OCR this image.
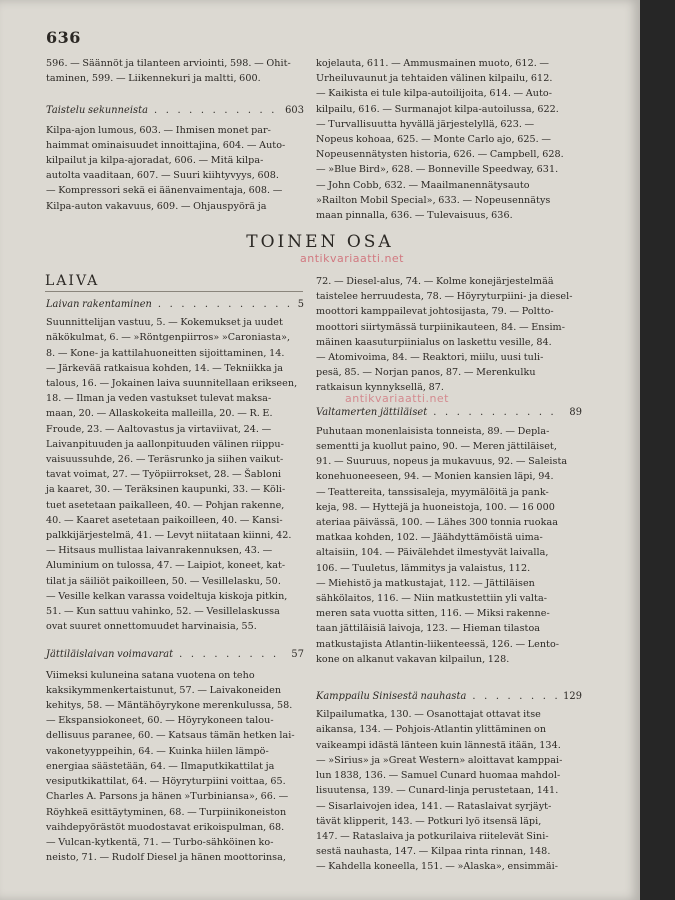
636

596. — Säännöt ja tilanteen arviointi, 598. — Ohit-

taminen, 599. — Liikennekuri ja maltti, 600.

Taistelu sekunneista . . .	603

Kilpa-ajon lumous, 603. — Ihmisen monet par-

haimmat ominaisuudet innoittajina, 604. — Auto-

kilpailut ja kilpa-ajoradat, 606. — Mitä kilpa-

autolta vaaditaan, 607. — Suuri kiihtyvyys, 608.

— Kompressori sekä ei äänenvaimentaja, 608. —

Kilpa-auton vakavuus, 609. — Ohjauspyörä ja

kojelauta, 611. — Ammusmainen muoto, 612. —

Urheiluvaunut ja tehtaiden välinen kilpailu, 612.

— Kaikista ei tule kilpa-autoilijoita, 614. — Auto-

kilpailu, 616. — Surmanajot kilpa-autoilussa, 622.

— Turvallisuutta hyvällä järjestelyllä, 623. —

Nopeus kohoaa, 625. — Monte Carlo ajo, 625. —

Nopeusennätysten historia, 626. — Campbell, 628.

— »Blue Bird», 628. — Bonneville Speedway, 631.

— John Cobb, 632. — Maailmanennätysauto

»Railton Mobil Special», 633. — Nopeusennätys

maan pinnalla, 636. — Tulevaisuus, 636.

TOINEN OSA
antikvariaatti.net
antikvariaatti.net
LAIVA
Laivan rakentaminen . . .	5

Suunnittelijan vastuu, 5. — Kokemukset ja uudet

näkökulmat, 6. — »Röntgenpiirros» »Caroniasta»,

8. — Kone- ja kattilahuoneitten sijoittaminen, 14.

— Järkevää ratkaisua kohden, 14. — Tekniikka ja

talous, 16. — Jokainen laiva suunnitellaan erikseen,

18. — Ilman ja veden vastukset tulevat maksa-

maan, 20. — Allaskokeita malleilla, 20. — R. E.

Froude, 23. — Aaltovastus ja virtaviivat, 24. —

Laivanpituuden ja aallonpituuden välinen riippu-

vaisuussuhde, 26. — Teräsrunko ja siihen vaikut-

tavat voimat, 27. — Työpiirrokset, 28. — Šabloni

ja kaaret, 30. — Teräksinen kaupunki, 33. — Köli-

tuet asetetaan paikalleen, 40. — Pohjan rakenne,

40. — Kaaret asetetaan paikoilleen, 40. — Kansi-

palkkijärjestelmä, 41. — Levyt niitataan kiinni, 42.

— Hitsaus mullistaa laivanrakennuksen, 43. —

Aluminium on tulossa, 47. — Laipiot, koneet, kat-

tilat ja säiliöt paikoilleen, 50. — Vesillelasku, 50.

— Vesille kelkan varassa voideltuja kiskoja pitkin,

51. — Kun sattuu vahinko, 52. — Vesillelaskussa

ovat suuret onnettomuudet harvinaisia, 55.

Jättiläislaivan voimavarat . . .	57

Viimeksi kuluneina satana vuotena on teho

kaksikymmenkertaistunut, 57. — Laivakoneiden

kehitys, 58. — Mäntähöyrykone merenkulussa, 58.

— Ekspansiokoneet, 60. — Höyrykoneen talou-

dellisuus paranee, 60. — Katsaus tämän hetken lai-

vakonetyyppeihin, 64. — Kuinka hiilen lämpö-

energiaa säästetään, 64. — Ilmaputkikattilat ja

vesiputkikattilat, 64. — Höyryturpiini voittaa, 65.

Charles A. Parsons ja hänen »Turbiniansa», 66. —

Röyhkeä esittäytyminen, 68. — Turpiinikoneiston

vaihdepyörästöt muodostavat erikoispulman, 68.

— Vulcan-kytkentä, 71. — Turbo-sähköinen ko-

neisto, 71. — Rudolf Diesel ja hänen moottorinsa,

72. — Diesel-alus, 74. — Kolme konejärjestelmää

taistelee herruudesta, 78. — Höyryturpiini- ja diesel-

moottori kamppailevat johtosijasta, 79. — Poltto-

moottori siirtymässä turpiinikauteen, 84. — Ensim-

mäinen kaasuturpiinialus on laskettu vesille, 84.

— Atomivoima, 84. — Reaktori, miilu, uusi tuli-

pesä, 85. — Norjan panos, 87. — Merenkulku

ratkaisun kynnyksellä, 87.

Valtamerten jättiläiset . . .	89

Puhutaan monenlaisista tonneista, 89. — Depla-

sementti ja kuollut paino, 90. — Meren jättiläiset,

91. — Suuruus, nopeus ja mukavuus, 92. — Saleista

konehuoneeseen, 94. — Monien kansien läpi, 94.

— Teattereita, tanssisaleja, myymälöitä ja pank-

keja, 98. — Hyttejä ja huoneistoja, 100. — 16 000

ateriaa päivässä, 100. — Lähes 300 tonnia ruokaa

matkaa kohden, 102. — Jäähdyttämöistä uima-

altaisiin, 104. — Päivälehdet ilmestyvät laivalla,

106. — Tuuletus, lämmitys ja valaistus, 112.

— Miehistö ja matkustajat, 112. — Jättiläisen

sähkölaitos, 116. — Niin matkustettiin yli valta-

meren sata vuotta sitten, 116. — Miksi rakenne-

taan jättiläisiä laivoja, 123. — Hieman tilastoa

matkustajista Atlantin-liikenteessä, 126. — Lento-

kone on alkanut vakavan kilpailun, 128.

Kamppailu Sinisestä nauhasta . . .	129

Kilpailumatka, 130. — Osanottajat ottavat itse

aikansa, 134. — Pohjois-Atlantin ylittäminen on

vaikeampi idästä länteen kuin lännestä itään, 134.

— »Sirius» ja »Great Western» aloittavat kamppai-

lun 1838, 136. — Samuel Cunard huomaa mahdol-

lisuutensa, 139. — Cunard-linja perustetaan, 141.

— Sisarlaivojen idea, 141. — Rataslaivat syrjäyt-

tävät klipperit, 143. — Potkuri lyö itsensä läpi,

147. — Rataslaiva ja potkurilaiva riitelevät Sini-

sestä nauhasta, 147. — Kilpaa rinta rinnan, 148.

— Kahdella koneella, 151. — »Alaska», ensimmäi-
